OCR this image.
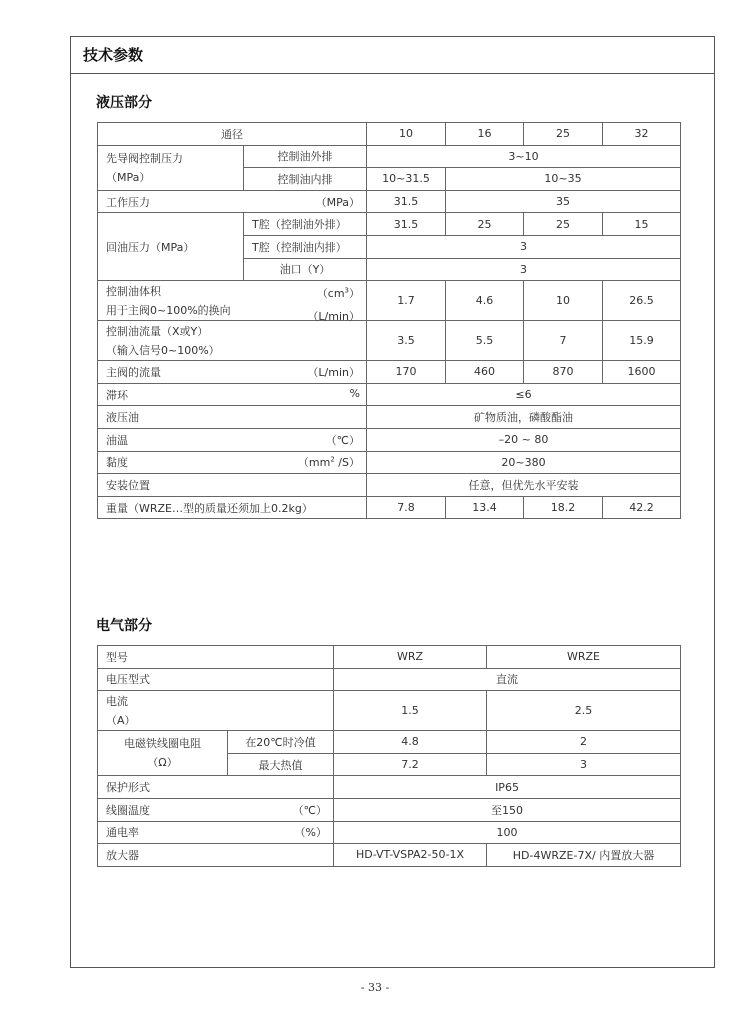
技术参数
液压部分
通径		10	16	25	32

先导阀控制压力
（MPa）	控制油外排	3~10			
	控制油内排	10~31.5	10~35		

工作压力 （MPa）		31.5	35		
回油压力（MPa）	T腔（控制油外排）	31.5	25	25	15
	T腔（控制油内排）	3			
	油口（Y）	3			

控制油体积
用于主阀0~100%的换向
$(cm^3)$		1.7	4.6	10	26.5

控制油流量（X或Y）
（输入信号0~100%）
（L/min）		3.5	5.5	7	15.9

主阀的流量 （L/min）		170	460	870	1600

滞环 %		≤6			
液压油		矿物质油，磷酸酯油			

油温 （℃）		–20 ~ 80			

黏度 （$mm^2$ /S）		20~380			
安装位置		任意，但优先水平安装			
重量（WRZE…型的质量还须加上0.2kg）		7.8	13.4	18.2	42.2
电气部分
型号		WRZ	WRZE
电压型式		直流	

电流
（A）		1.5	2.5

电磁铁线圈电阻
（Ω）	在20℃时冷值	4.8	2
	最大热值	7.2	3
保护形式		IP65	

线圈温度 （℃）		至150	

通电率 （%）		100	
放大器		HD-VT-VSPA2-50-1X	HD-4WRZE-7X/ 内置放大器
- 33 -
